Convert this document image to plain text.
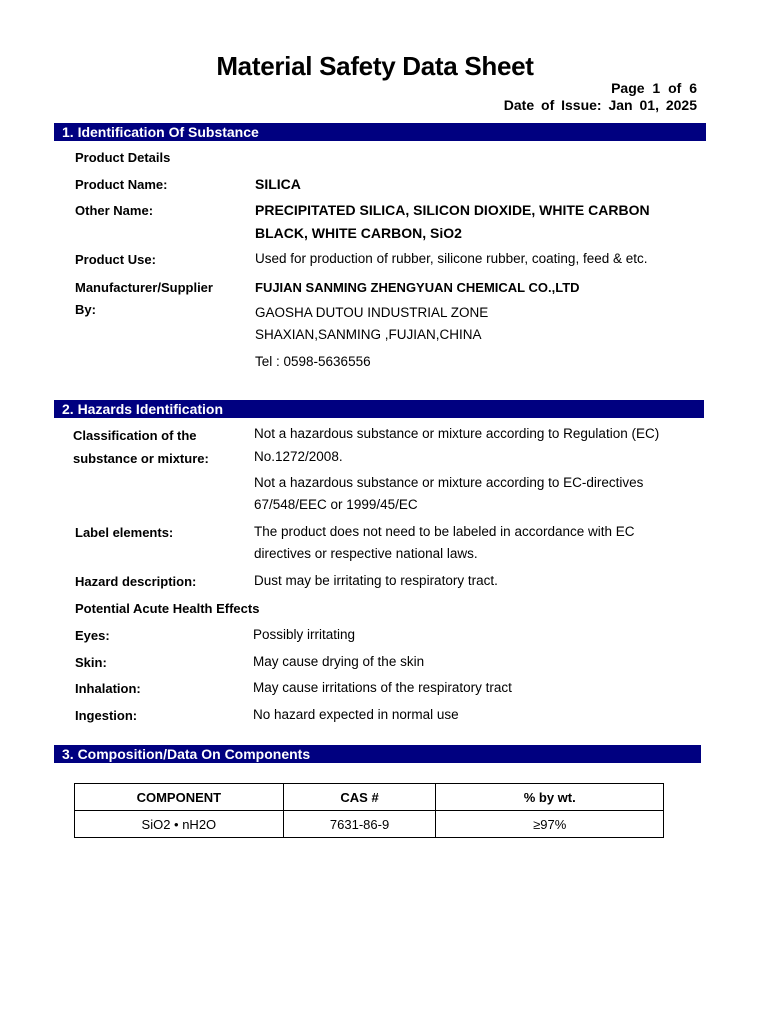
Material Safety Data Sheet
Page 1 of 6
Date of Issue: Jan 01, 2025
1. Identification Of Substance
Product Details
Product Name:	SILICA
Other Name:	PRECIPITATED SILICA, SILICON DIOXIDE, WHITE CARBON
BLACK, WHITE CARBON, SiO2
Product Use:	Used for production of rubber, silicone rubber, coating, feed & etc.
Manufacturer/Supplier
By:
FUJIAN SANMING ZHENGYUAN CHEMICAL CO.,LTD
GAOSHA DUTOU INDUSTRIAL ZONE
SHAXIAN,SANMING ,FUJIAN,CHINA
Tel : 0598-5636556
2. Hazards Identification
Classification of the
substance or mixture:
Not a hazardous substance or mixture according to Regulation (EC)
No.1272/2008.
Not a hazardous substance or mixture according to EC-directives
67/548/EEC or 1999/45/EC
Label elements:	The product does not need to be labeled in accordance with EC
directives or respective national laws.
Hazard description:	Dust may be irritating to respiratory tract.
Potential Acute Health Effects
Eyes:	Possibly irritating
Skin:	May cause drying of the skin
Inhalation:	May cause irritations of the respiratory tract
Ingestion:	No hazard expected in normal use
3. Composition/Data On Components
COMPONENT	CAS #	% by wt.
SiO2 • nH2O	7631-86-9	≥97%
